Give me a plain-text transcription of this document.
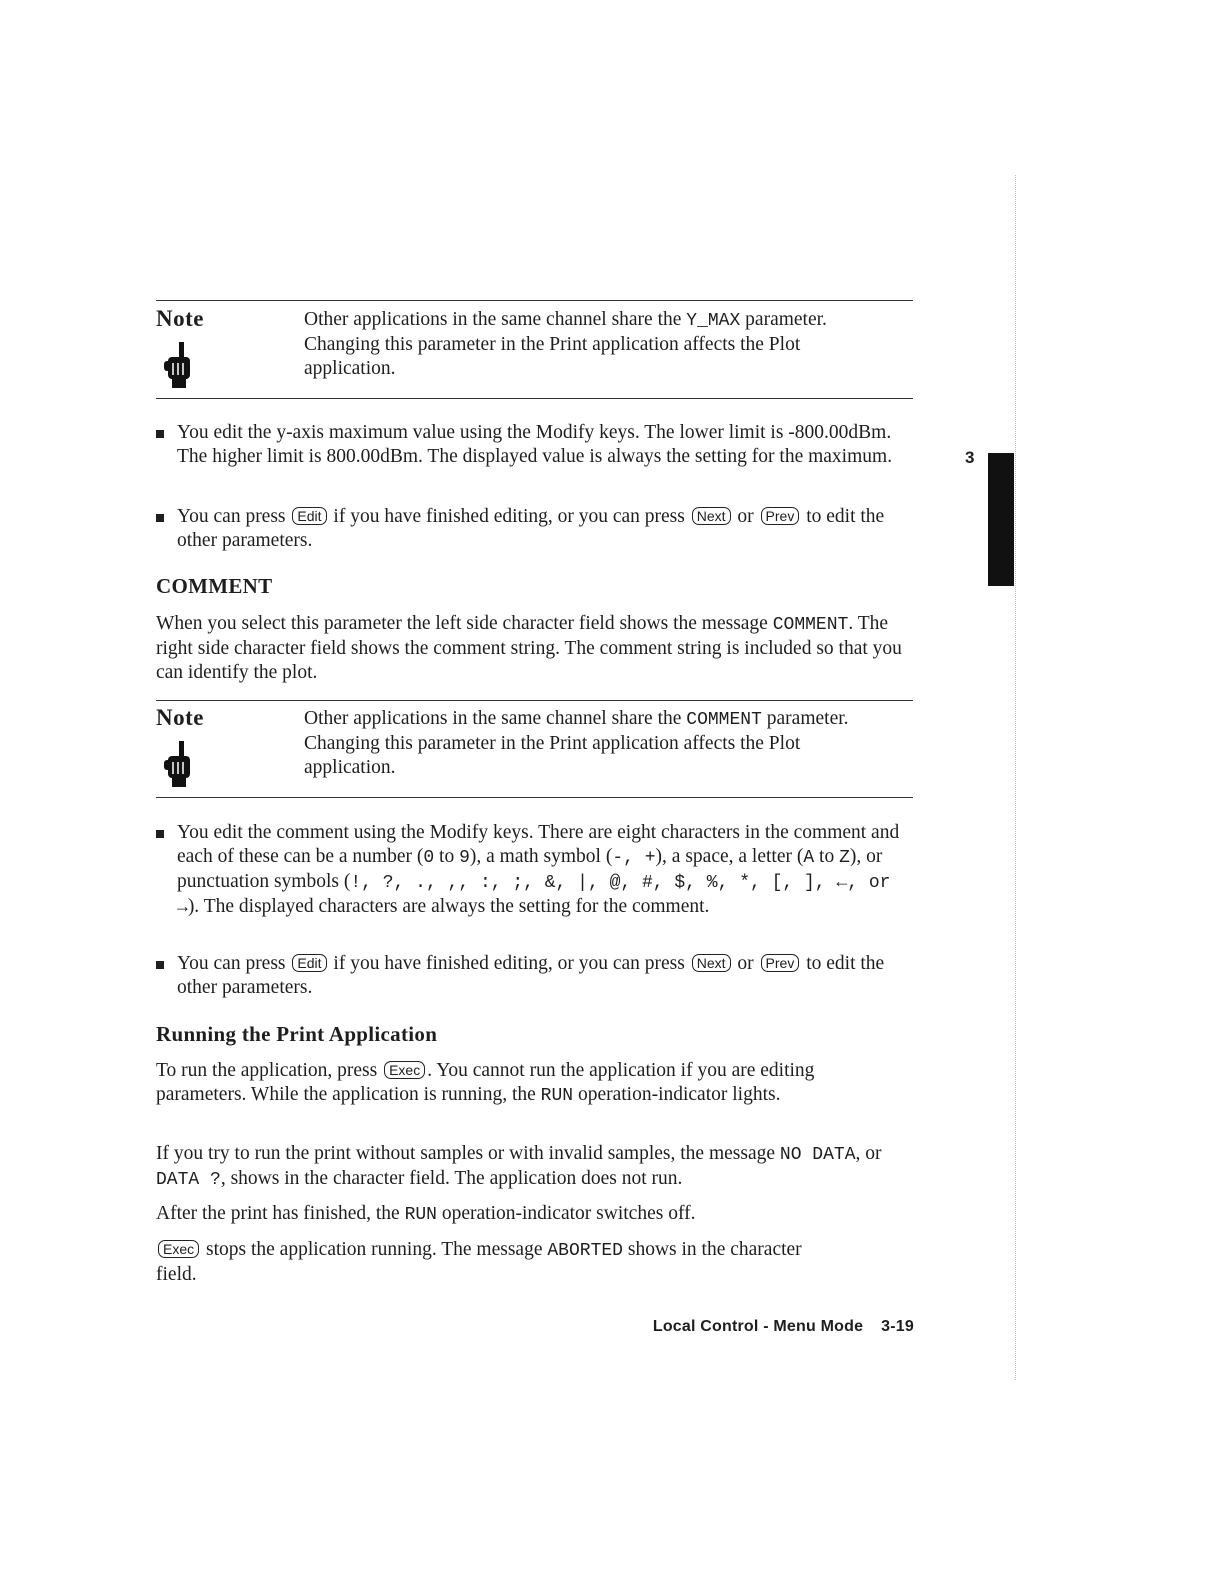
3
Note	Other applications in the same channel share the Y_MAX parameter. Changing this parameter in the Print application affects the Plot application.
You edit the y-axis maximum value using the Modify keys. The lower limit is -800.00dBm. The higher limit is 800.00dBm. The displayed value is always the setting for the maximum.
You can press Edit if you have finished editing, or you can press Next or Prev to edit the other parameters.
COMMENT
When you select this parameter the left side character field shows the message COMMENT. The right side character field shows the comment string. The comment string is included so that you can identify the plot.
Note	Other applications in the same channel share the COMMENT parameter. Changing this parameter in the Print application affects the Plot application.
You edit the comment using the Modify keys. There are eight characters in the comment and each of these can be a number (0 to 9), a math symbol (-, +), a space, a letter (A to Z), or punctuation symbols (!, ?, ., ,, :, ;, &, |, @, #, $, %, *, [, ], ←, or →). The displayed characters are always the setting for the comment.
You can press Edit if you have finished editing, or you can press Next or Prev to edit the other parameters.
Running the Print Application
To run the application, press Exec . You cannot run the application if you are editing parameters. While the application is running, the RUN operation-indicator lights.
If you try to run the print without samples or with invalid samples, the message NO DATA, or DATA ?, shows in the character field. The application does not run.
After the print has finished, the RUN operation-indicator switches off.
Exec stops the application running. The message ABORTED shows in the character field.
Local Control - Menu Mode 3-19
